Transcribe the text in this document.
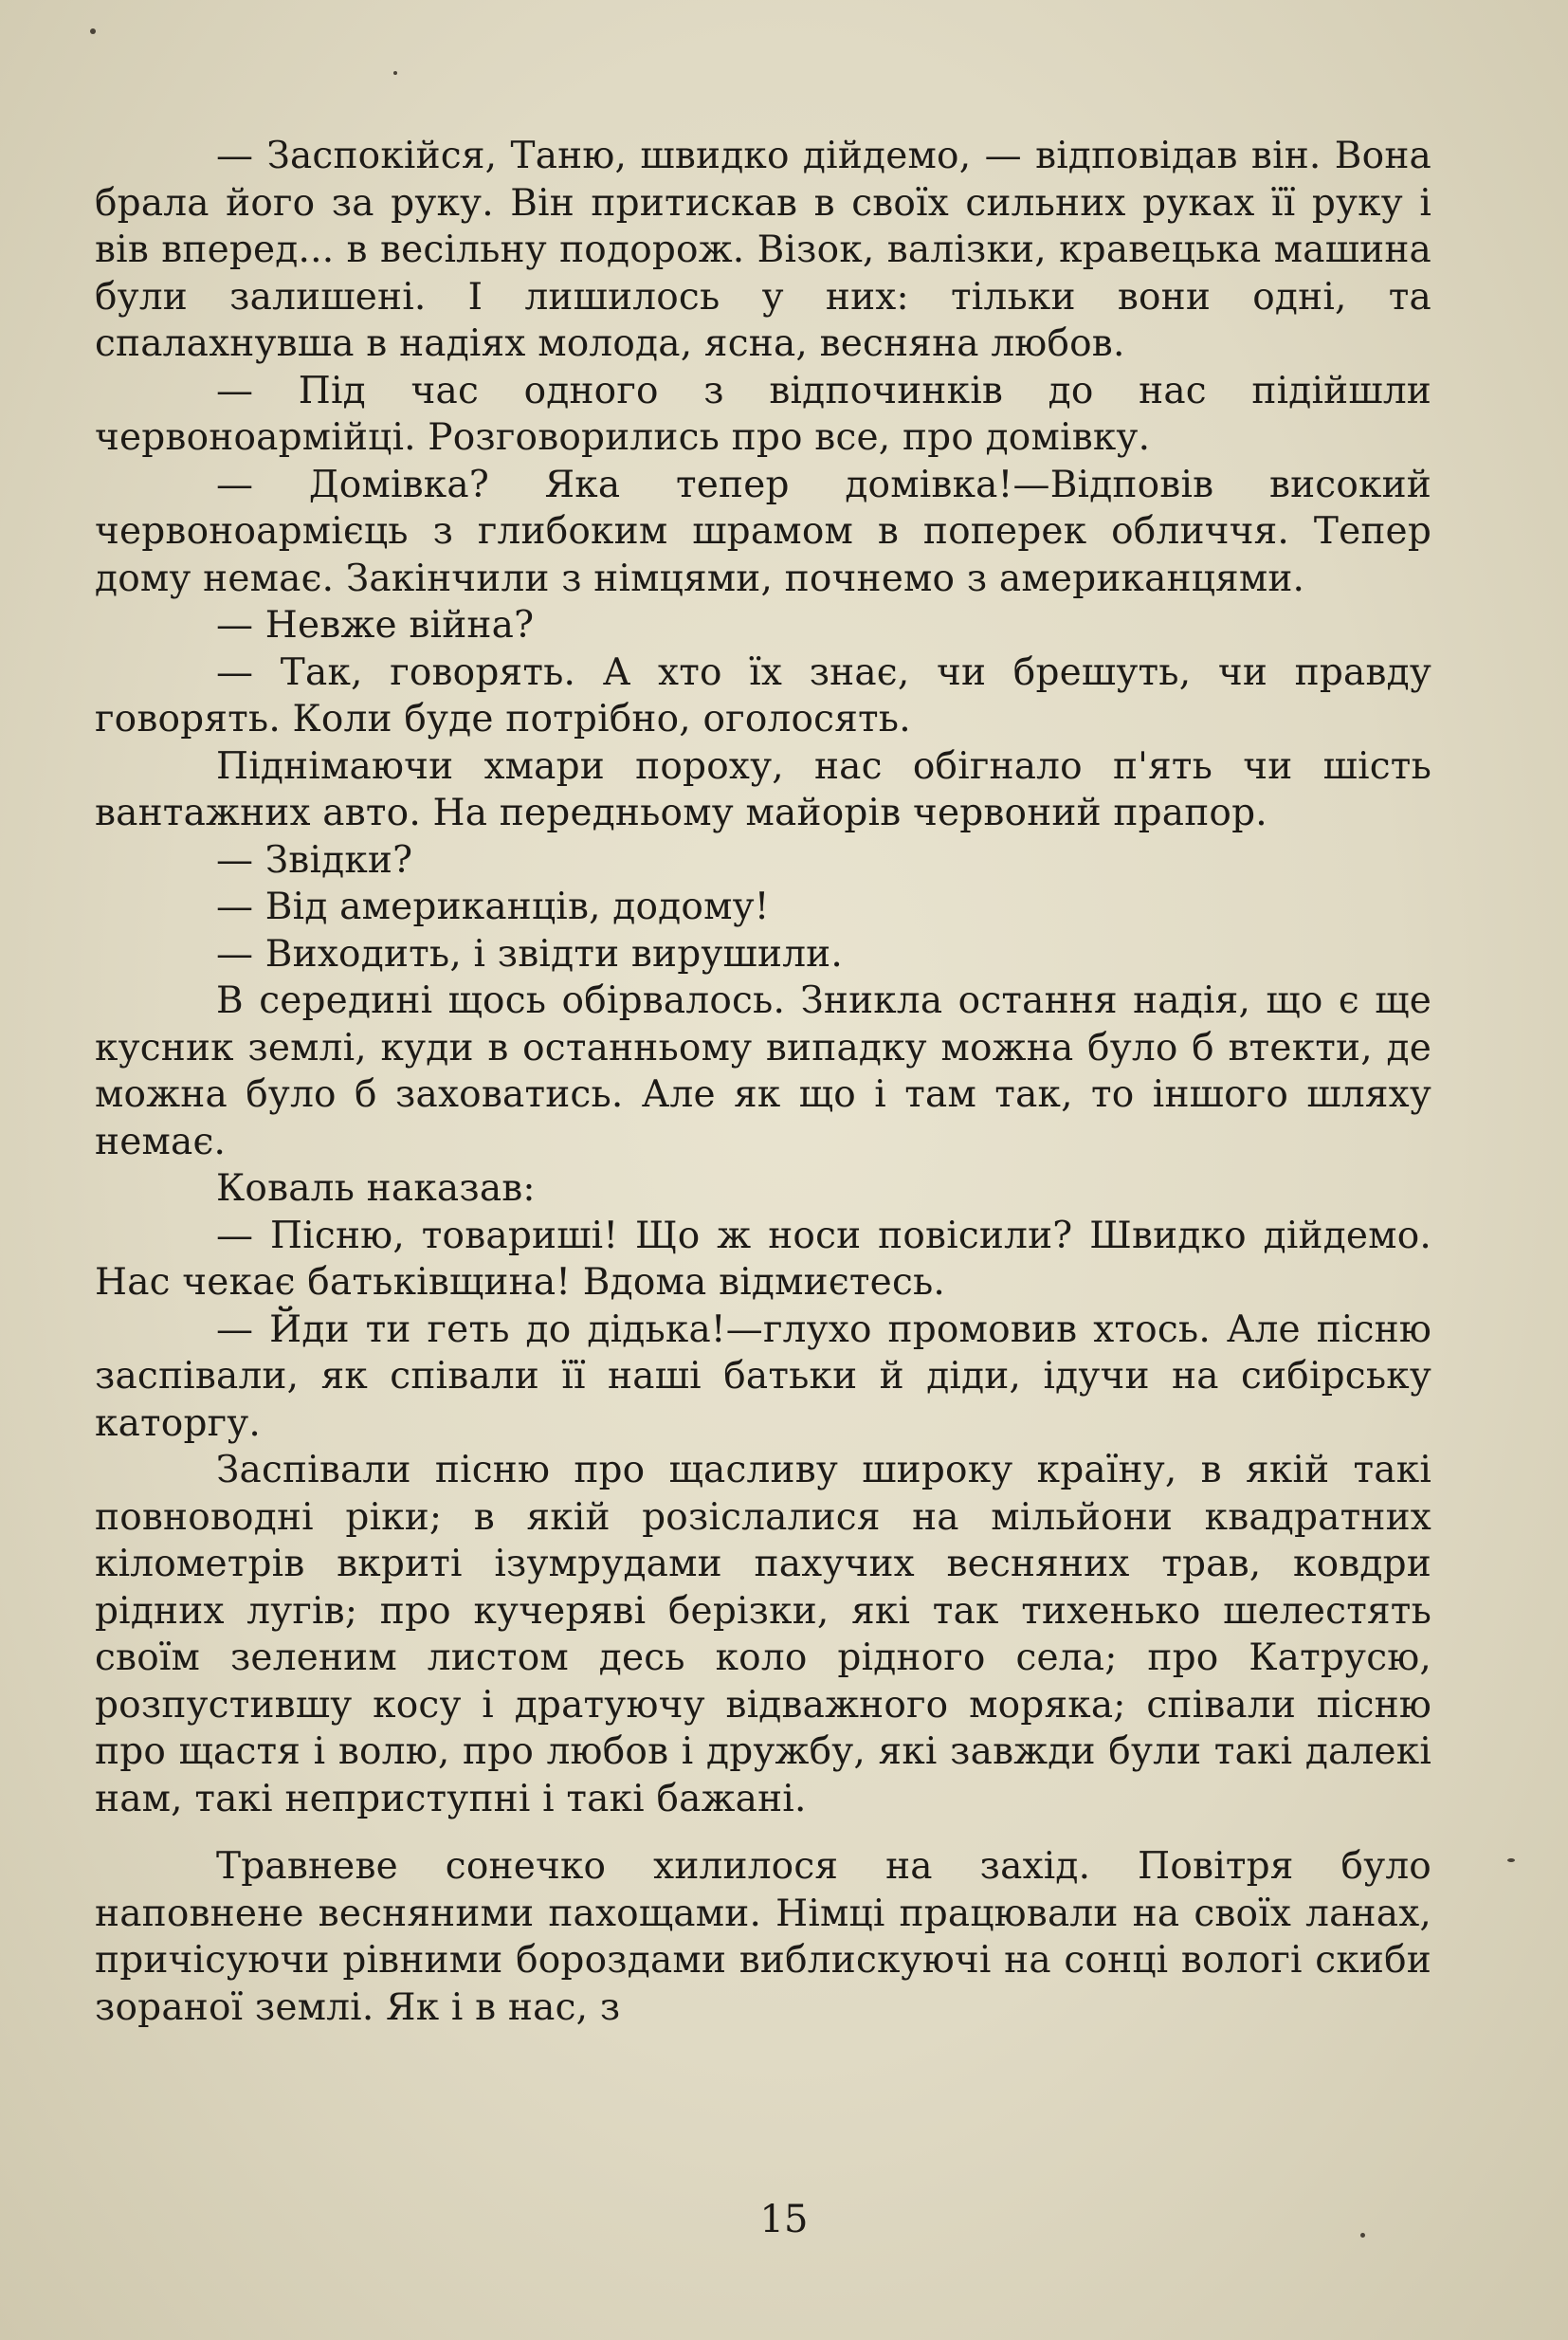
— Заспокійся, Таню, швидко дійдемо, — відповідав він. Вона брала його за руку. Він притискав в своїх сильних руках її руку і вів вперед... в весільну подорож. Візок, валізки, кравецька машина були залишені. І лишилось у них: тільки вони одні, та спалахнувша в надіях молода, ясна, весняна любов.

— Під час одного з відпочинків до нас підійшли червоноармійці. Розговорились про все, про домівку.

— Домівка? Яка тепер домівка!—Відповів високий червоноармієць з глибоким шрамом в поперек обличчя. Тепер дому немає. Закінчили з німцями, почнемо з американцями.

— Невже війна?

— Так, говорять. А хто їх знає, чи брешуть, чи правду говорять. Коли буде потрібно, оголосять.

Піднімаючи хмари пороху, нас обігнало п'ять чи шість вантажних авто. На передньому майорів червоний прапор.

— Звідки?

— Від американців, додому!

— Виходить, і звідти вирушили.

В середині щось обірвалось. Зникла остання надія, що є ще кусник землі, куди в останньому випадку можна було б втекти, де можна було б заховатись. Але як що і там так, то іншого шляху немає.

Коваль наказав:

— Пісню, товариші! Що ж носи повісили? Швидко дійдемо. Нас чекає батьківщина! Вдома відмиєтесь.

— Йди ти геть до дідька!—глухо промовив хтось. Але пісню заспівали, як співали її наші батьки й діди, ідучи на сибірську каторгу.

Заспівали пісню про щасливу широку країну, в якій такі повноводні ріки; в якій розіслалися на мільйони квадратних кілометрів вкриті ізумрудами пахучих весняних трав, ковдри рідних лугів; про кучеряві берізки, які так тихенько шелестять своїм зеленим листом десь коло рідного села; про Катрусю, розпустившу косу і дратуючу відважного моряка; співали пісню про щастя і волю, про любов і дружбу, які завжди були такі далекі нам, такі неприступні і такі бажані.

Травневе сонечко хилилося на захід. Повітря було наповнене весняними пахощами. Німці працювали на своїх ланах, причісуючи рівними бороздами виблискуючі на сонці вологі скиби зораної землі. Як і в нас, з

15
